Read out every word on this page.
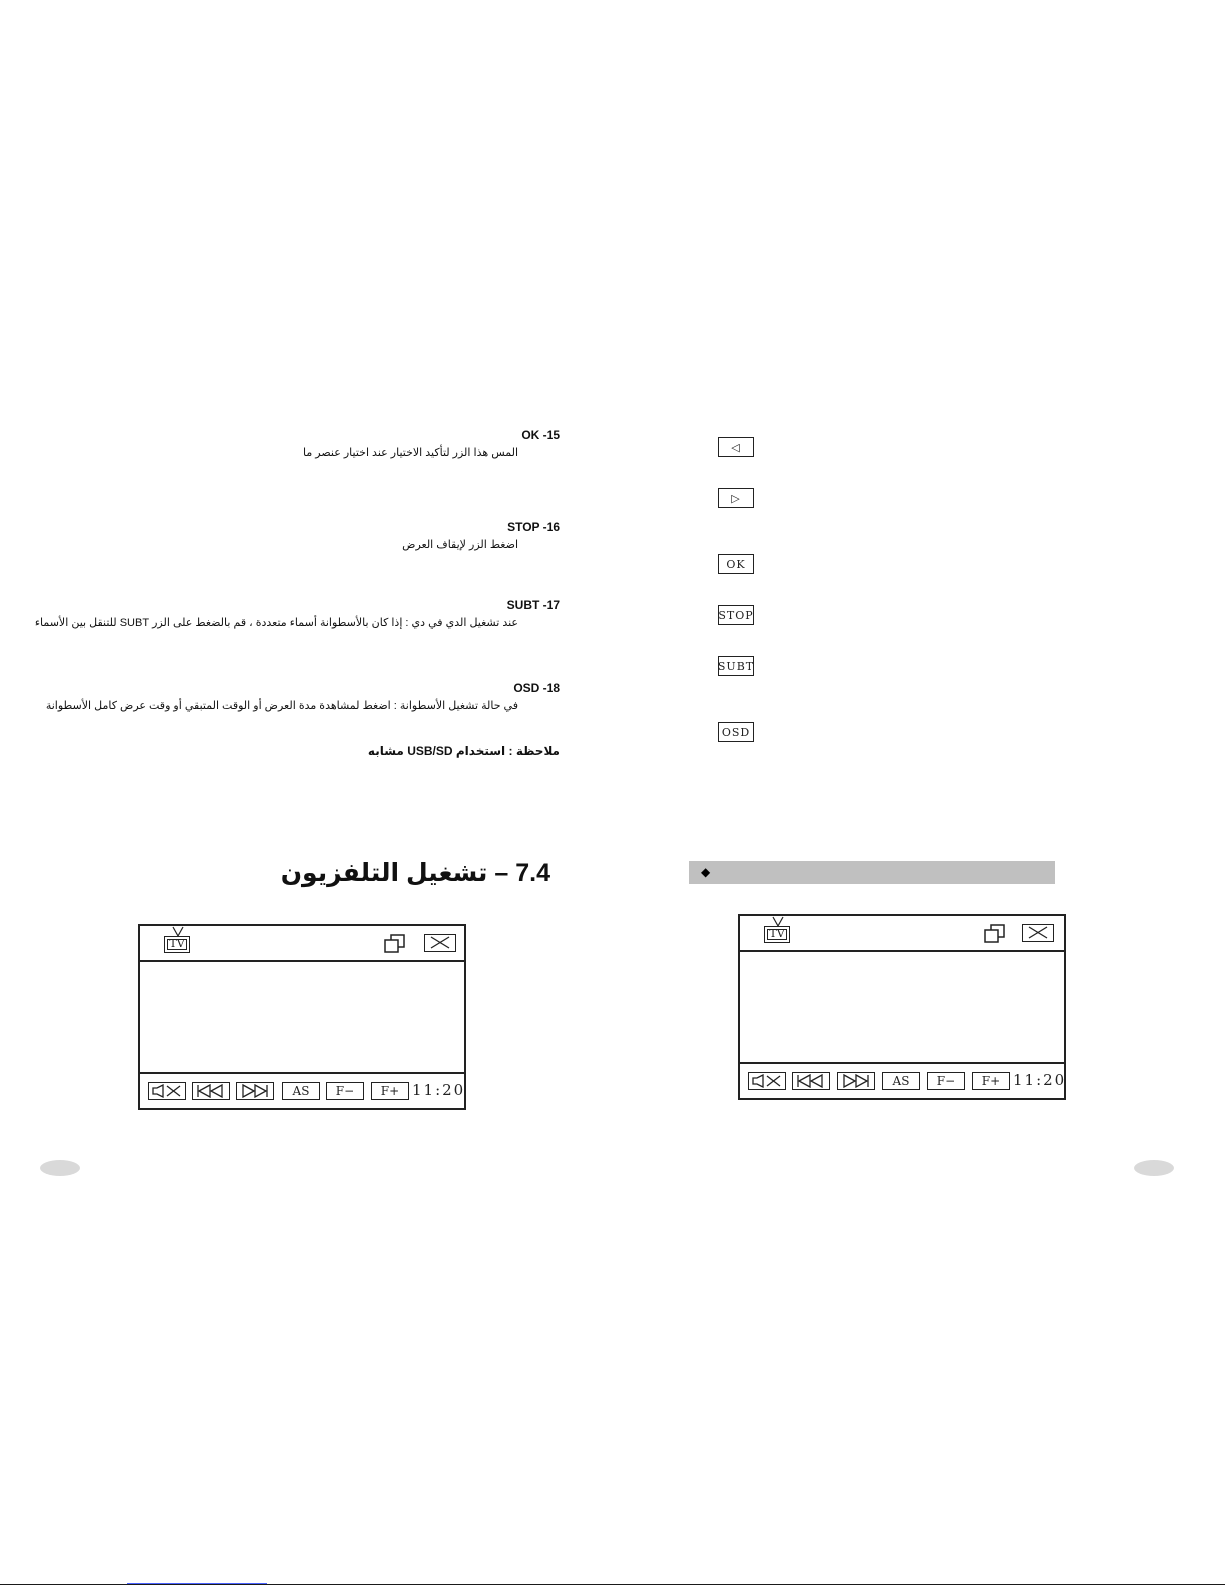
OK -15
المس هذا الزر لتأكيد الاختيار عند اختيار عنصر ما
STOP -16
اضغط الزر لإيقاف العرض
SUBT -17
عند تشغيل الدي في دي : إذا كان بالأسطوانة أسماء متعددة ، قم بالضغط على الزر SUBT للتنقل بين الأسماء
OSD -18
في حالة تشغيل الأسطوانة : اضغط لمشاهدة مدة العرض أو الوقت المتبقي أو وقت عرض كامل الأسطوانة
ملاحظة : استخدام USB/SD مشابه
7.4 – تشغيل التلفزيون
TV
AS	F−	F+ 11:20
◁
▷
OK
STOP
SUBT
OSD
◆
TV
AS	F−	F+ 11:20
